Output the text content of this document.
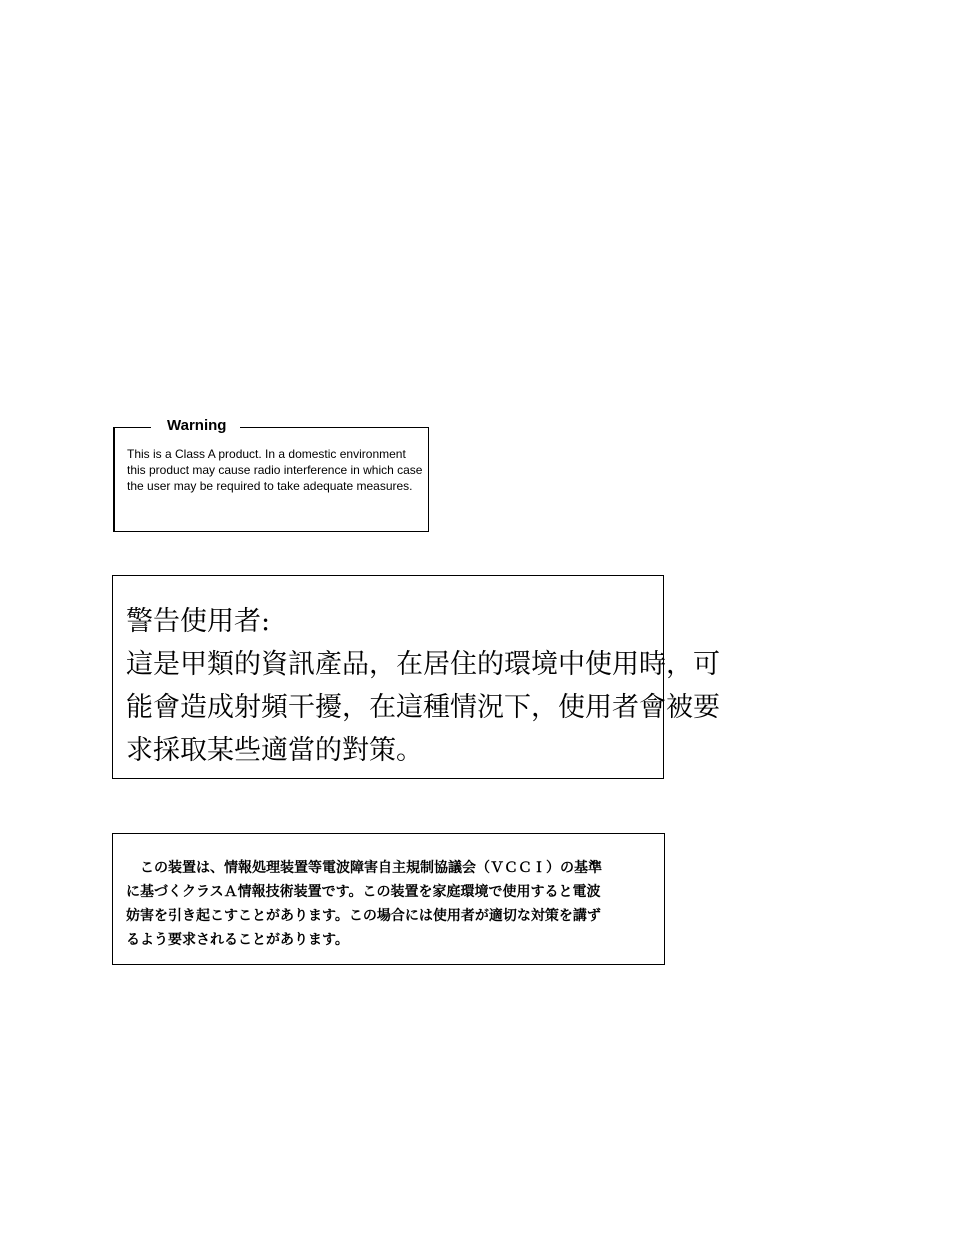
Warning
This is a Class A product. In a domestic environment this product may cause radio interference in which case the user may be required to take adequate measures.
警告使用者:
這是甲類的資訊產品，在居住的環境中使用時，可
能會造成射頻干擾，在這種情況下，使用者會被要
求採取某些適當的對策。
　この装置は、情報処理装置等電波障害自主規制協議会（ＶＣＣＩ）の基準
に基づくクラスＡ情報技術装置です。この装置を家庭環境で使用すると電波
妨害を引き起こすことがあります。この場合には使用者が適切な対策を講ず
るよう要求されることがあります。
